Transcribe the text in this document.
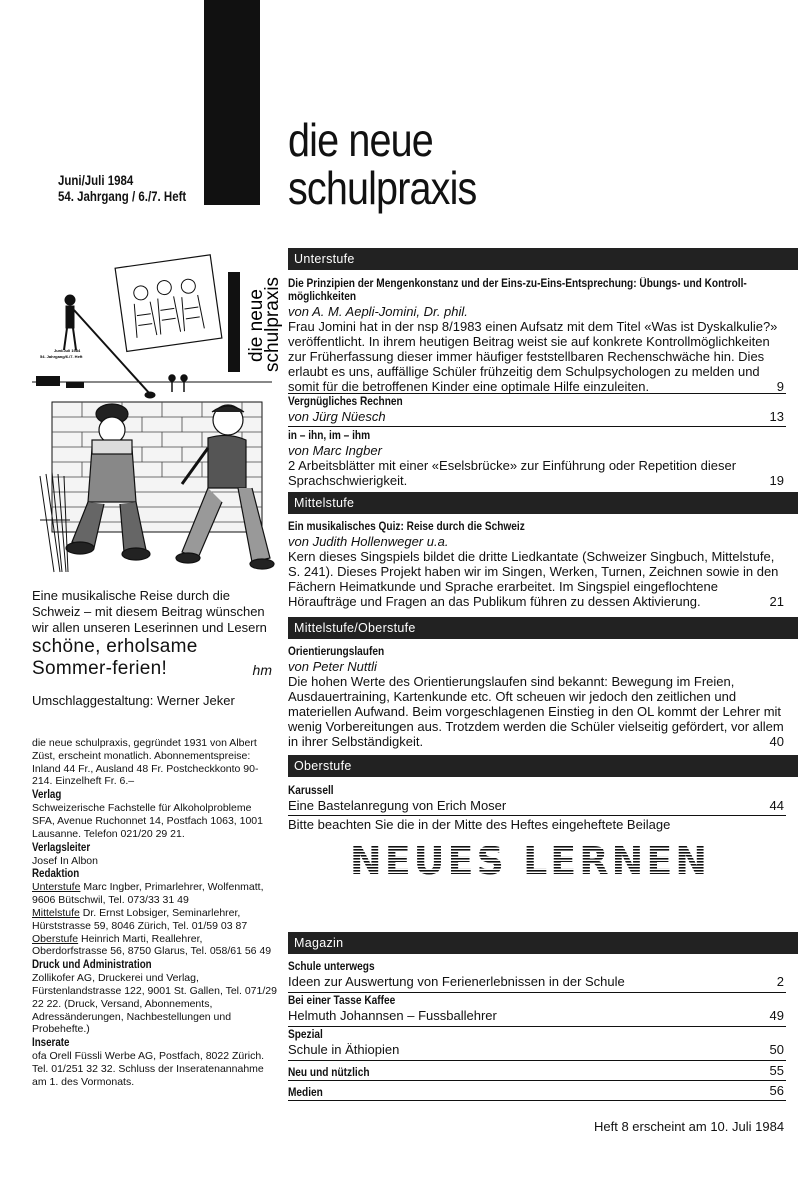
Juni/Juli 1984
54. Jahrgang / 6./7. Heft
die neue
schulpraxis
die neue
schulpraxis
Juni/Juli 1984
54. Jahrgang/6./7. Heft
Eine musikalische Reise durch die Schweiz – mit diesem Beitrag wünschen wir allen unseren Leserinnen und Lesern
schöne, erholsame Sommer-ferien!	hm
Umschlaggestaltung: Werner Jeker
die neue schulpraxis, gegründet 1931 von Albert Züst, erscheint monatlich. Abonnementspreise: Inland 44 Fr., Ausland 48 Fr. Postcheckkonto 90-214. Einzelheft Fr. 6.–
Verlag
Schweizerische Fachstelle für Alkoholprobleme SFA, Avenue Ruchonnet 14, Postfach 1063, 1001 Lausanne. Telefon 021/20 29 21.
Verlagsleiter
Josef In Albon
Redaktion
Unterstufe Marc Ingber, Primarlehrer, Wolfenmatt, 9606 Bütschwil, Tel. 073/33 31 49
Mittelstufe Dr. Ernst Lobsiger, Seminarlehrer, Hürststrasse 59, 8046 Zürich, Tel. 01/59 03 87
Oberstufe Heinrich Marti, Reallehrer, Oberdorfstrasse 56, 8750 Glarus, Tel. 058/61 56 49
Druck und Administration
Zollikofer AG, Druckerei und Verlag, Fürstenlandstrasse 122, 9001 St. Gallen, Tel. 071/29 22 22. (Druck, Versand, Abonnements, Adressänderungen, Nachbestellungen und Probehefte.)
Inserate
ofa Orell Füssli Werbe AG, Postfach, 8022 Zürich. Tel. 01/251 32 32. Schluss der Inseratenannahme am 1. des Vormonats.
Unterstufe
Die Prinzipien der Mengenkonstanz und der Eins-zu-Eins-Entsprechung: Übungs- und Kontroll-möglichkeiten
von A. M. Aepli-Jomini, Dr. phil.
Frau Jomini hat in der nsp 8/1983 einen Aufsatz mit dem Titel «Was ist Dyskalkulie?» veröffentlicht. In ihrem heutigen Beitrag weist sie auf konkrete Kontrollmöglichkeiten zur Früherfassung dieser immer häufiger feststellbaren Rechenschwäche hin. Dies erlaubt es uns, auffällige Schüler frühzeitig dem Schulpsychologen zu melden und somit für die betroffenen Kinder eine optimale Hilfe einzuleiten.	9
Vergnügliches Rechnen
von Jürg Nüesch	13
in – ihn, im – ihm
von Marc Ingber
2 Arbeitsblätter mit einer «Eselsbrücke» zur Einführung oder Repetition dieser Sprachschwierigkeit.	19
Mittelstufe
Ein musikalisches Quiz: Reise durch die Schweiz
von Judith Hollenweger u.a.
Kern dieses Singspiels bildet die dritte Liedkantate (Schweizer Singbuch, Mittelstufe, S. 241). Dieses Projekt haben wir im Singen, Werken, Turnen, Zeichnen sowie in den Fächern Heimatkunde und Sprache erarbeitet. Im Singspiel eingeflochtene Höraufträge und Fragen an das Publikum führen zu dessen Aktivierung.	21
Mittelstufe/Oberstufe
Orientierungslaufen
von Peter Nuttli
Die hohen Werte des Orientierungslaufen sind bekannt: Bewegung im Freien, Ausdauertraining, Kartenkunde etc. Oft scheuen wir jedoch den zeitlichen und materiellen Aufwand. Beim vorgeschlagenen Einstieg in den OL kommt der Lehrer mit wenig Vorbereitungen aus. Trotzdem werden die Schüler vielseitig gefördert, vor allem in ihrer Selbständigkeit.	40
Oberstufe
Karussell
Eine Bastelanregung von Erich Moser	44
Bitte beachten Sie die in der Mitte des Heftes eingeheftete Beilage
NEUES LERNEN
Magazin
Schule unterwegs
Ideen zur Auswertung von Ferienerlebnissen in der Schule	2
Bei einer Tasse Kaffee
Helmuth Johannsen – Fussballehrer	49
Spezial
Schule in Äthiopien	50
Neu und nützlich	55
Medien	56
Heft 8 erscheint am 10. Juli 1984
